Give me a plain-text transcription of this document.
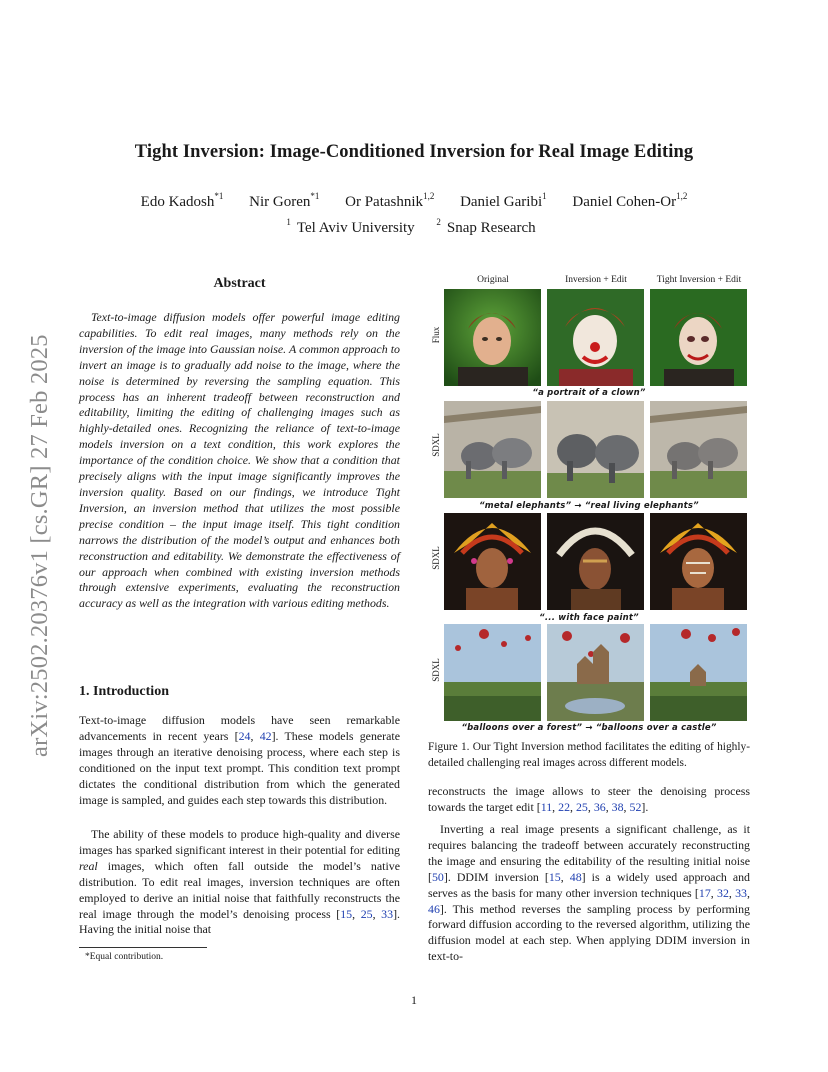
Tight Inversion: Image-Conditioned Inversion for Real Image Editing
Edo Kadosh$^{*1}$ Nir Goren$^{*1}$ Or Patashnik$^{1,2}$ Daniel Garibi$^1$ Daniel Cohen-Or$^{1,2}$
$^1$ Tel Aviv University $^2$ Snap Research
arXiv:2502.20376v1 [cs.GR] 27 Feb 2025
Abstract

Text-to-image diffusion models offer powerful image editing capabilities. To edit real images, many methods rely on the inversion of the image into Gaussian noise. A common approach to invert an image is to gradually add noise to the image, where the noise is determined by reversing the sampling equation. This process has an inherent tradeoff between reconstruction and editability, limiting the editing of challenging images such as highly-detailed ones. Recognizing the reliance of text-to-image models inversion on a text condition, this work explores the importance of the condition choice. We show that a condition that precisely aligns with the input image significantly improves the inversion quality. Based on our findings, we introduce Tight Inversion, an inversion method that utilizes the most possible precise condition – the input image itself. This tight condition narrows the distribution of the model’s output and enhances both reconstruction and editability. We demonstrate the effectiveness of our approach when combined with existing inversion methods through extensive experiments, evaluating the reconstruction accuracy as well as the integration with various editing methods.

1. Introduction

Text-to-image diffusion models have seen remarkable advancements in recent years [24, 42]. These models generate images through an iterative denoising process, where each step is conditioned on the input text prompt. This condition text prompt dictates the conditional distribution from which the generated image is sampled, and guides each step towards this distribution.

The ability of these models to produce high-quality and diverse images has sparked significant interest in their potential for editing real images, which often fall outside the model’s native distribution. To edit real images, inversion techniques are often employed to derive an initial noise that faithfully reconstructs the real image through the model’s denoising process [15, 25, 33]. Having the initial noise that

*Equal contribution.
Original	Inversion + Edit	Tight Inversion + Edit
Flux
“a portrait of a clown”
SDXL
“metal elephants” → “real living elephants”
SDXL
“... with face paint”
SDXL
“balloons over a forest” → “balloons over a castle”

Figure 1. Our Tight Inversion method facilitates the editing of highly-detailed challenging real images across different models.

reconstructs the image allows to steer the denoising process towards the target edit [11, 22, 25, 36, 38, 52].

Inverting a real image presents a significant challenge, as it requires balancing the tradeoff between accurately reconstructing the image and ensuring the editability of the resulting initial noise [50]. DDIM inversion [15, 48] is a widely used approach and serves as the basis for many other inversion techniques [17, 32, 33, 46]. This method reverses the sampling process by performing forward diffusion according to the reversed algorithm, utilizing the diffusion model at each step. When applying DDIM inversion in text-to-

1
